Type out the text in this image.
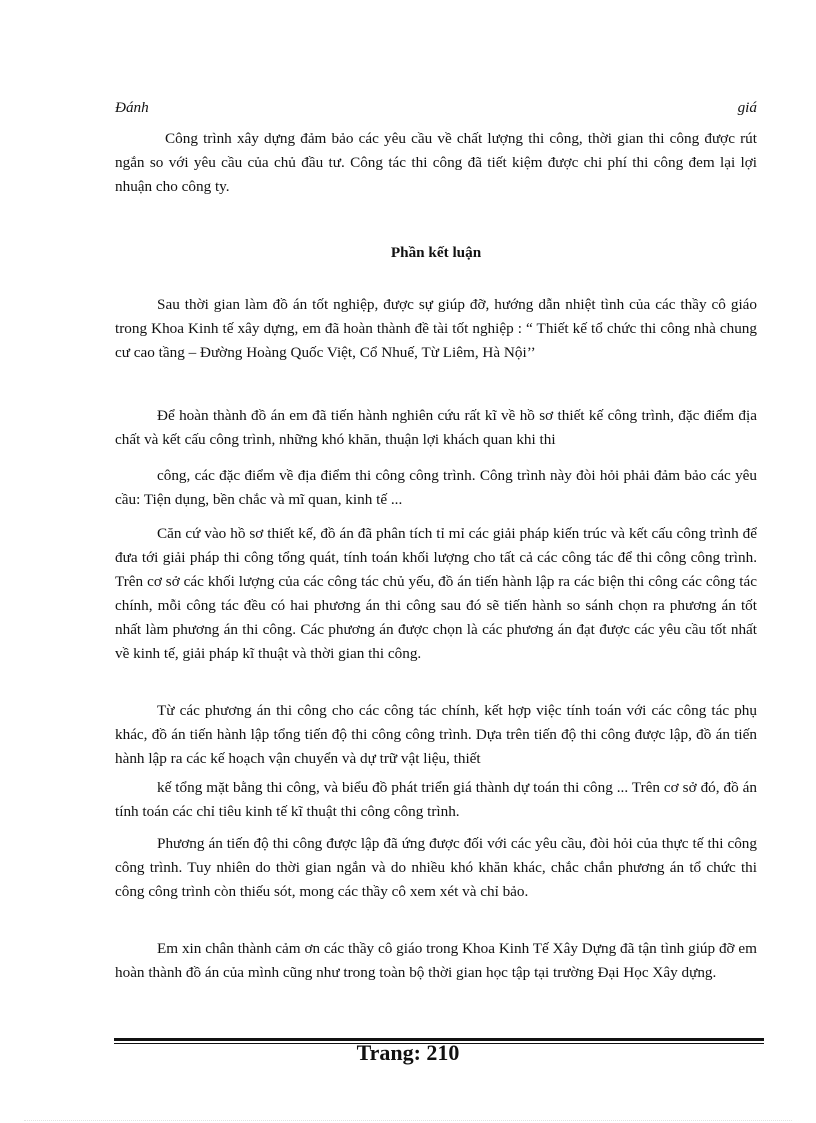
Đánh	giá

Công trình xây dựng đảm bảo các yêu cầu về chất lượng thi công, thời gian thi công được rút ngắn so với yêu cầu của chủ đầu tư. Công tác thi công đã tiết kiệm được chi phí thi công đem lại lợi nhuận cho công ty.

Phần kết luận

Sau thời gian làm đồ án tốt nghiệp, được sự giúp đỡ, hướng dẫn nhiệt tình của các thầy cô giáo trong Khoa Kinh tế xây dựng, em đã hoàn thành đề tài tốt nghiệp : “ Thiết kế tổ chức thi công nhà chung cư cao tầng – Đường Hoàng Quốc Việt, Cổ Nhuế, Từ Liêm, Hà Nội’’

Để hoàn thành đồ án em đã tiến hành nghiên cứu rất kĩ về hồ sơ thiết kế công trình, đặc điểm địa chất và kết cấu công trình, những khó khăn, thuận lợi khách quan khi thi

công, các đặc điểm về địa điểm thi công công trình. Công trình này đòi hỏi phải đảm bảo các yêu cầu: Tiện dụng, bền chắc và mĩ quan, kinh tế ...

Căn cứ vào hồ sơ thiết kế, đồ án đã phân tích tỉ mỉ các giải pháp kiến trúc và kết cấu công trình để đưa tới giải pháp thi công tổng quát, tính toán khối lượng cho tất cả các công tác để thi công công trình. Trên cơ sở các khối lượng của các công tác chủ yếu, đồ án tiến hành lập ra các biện thi công các công tác chính, mỗi công tác đều có hai phương án thi công sau đó sẽ tiến hành so sánh chọn ra phương án tốt nhất làm phương án thi công. Các phương án được chọn là các phương án đạt được các yêu cầu tốt nhất về kinh tế, giải pháp kĩ thuật và thời gian thi công.

Từ các phương án thi công cho các công tác chính, kết hợp việc tính toán với các công tác phụ khác, đồ án tiến hành lập tổng tiến độ thi công công trình. Dựa trên tiến độ thi công được lập, đồ án tiến hành lập ra các kế hoạch vận chuyển và dự trữ vật liệu, thiết

kế tổng mặt bằng thi công, và biểu đồ phát triển giá thành dự toán thi công ... Trên cơ sở đó, đồ án tính toán các chỉ tiêu kinh tế kĩ thuật thi công công trình.

Phương án tiến độ thi công được lập đã ứng được đối với các yêu cầu, đòi hỏi của thực tế thi công công trình. Tuy nhiên do thời gian ngắn và do nhiều khó khăn khác, chắc chắn phương án tổ chức thi công công trình còn thiếu sót, mong các thầy cô xem xét và chỉ bảo.

Em xin chân thành cảm ơn các thầy cô giáo trong Khoa Kinh Tế Xây Dựng đã tận tình giúp đỡ em hoàn thành đồ án của mình cũng như trong toàn bộ thời gian học tập tại trường Đại Học Xây dựng.

Trang: 210
